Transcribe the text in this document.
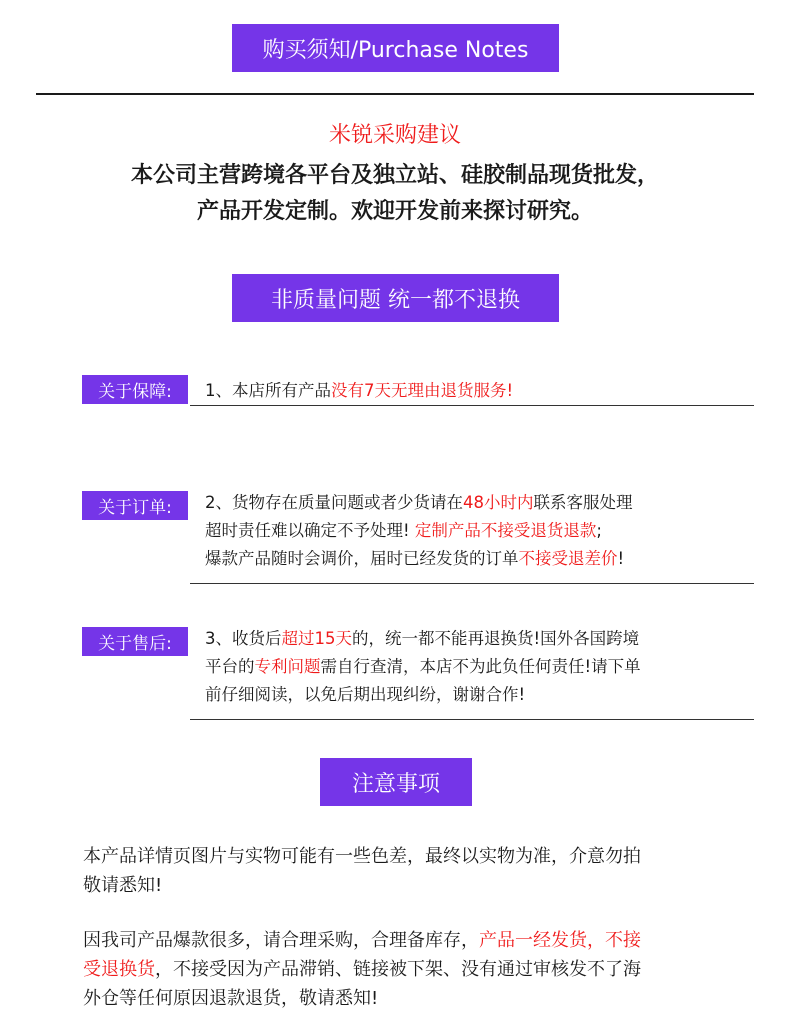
购买须知/Purchase Notes
米锐采购建议
本公司主营跨境各平台及独立站、硅胶制品现货批发，
产品开发定制。欢迎开发前来探讨研究。
非质量问题 统一都不退换
关于保障:	1、本店所有产品没有7天无理由退货服务!
关于订单:	2、货物存在质量问题或者少货请在48小时内联系客服处理
超时责任难以确定不予处理! 定制产品不接受退货退款;
爆款产品随时会调价，届时已经发货的订单不接受退差价!
关于售后:	3、收货后超过15天的，统一都不能再退换货!国外各国跨境
平台的专利问题需自行查清，本店不为此负任何责任!请下单
前仔细阅读，以免后期出现纠纷，谢谢合作!
注意事项
本产品详情页图片与实物可能有一些色差，最终以实物为准，介意勿拍
敬请悉知!
因我司产品爆款很多，请合理采购，合理备库存，产品一经发货，不接
受退换货，不接受因为产品滞销、链接被下架、没有通过审核发不了海
外仓等任何原因退款退货，敬请悉知!
